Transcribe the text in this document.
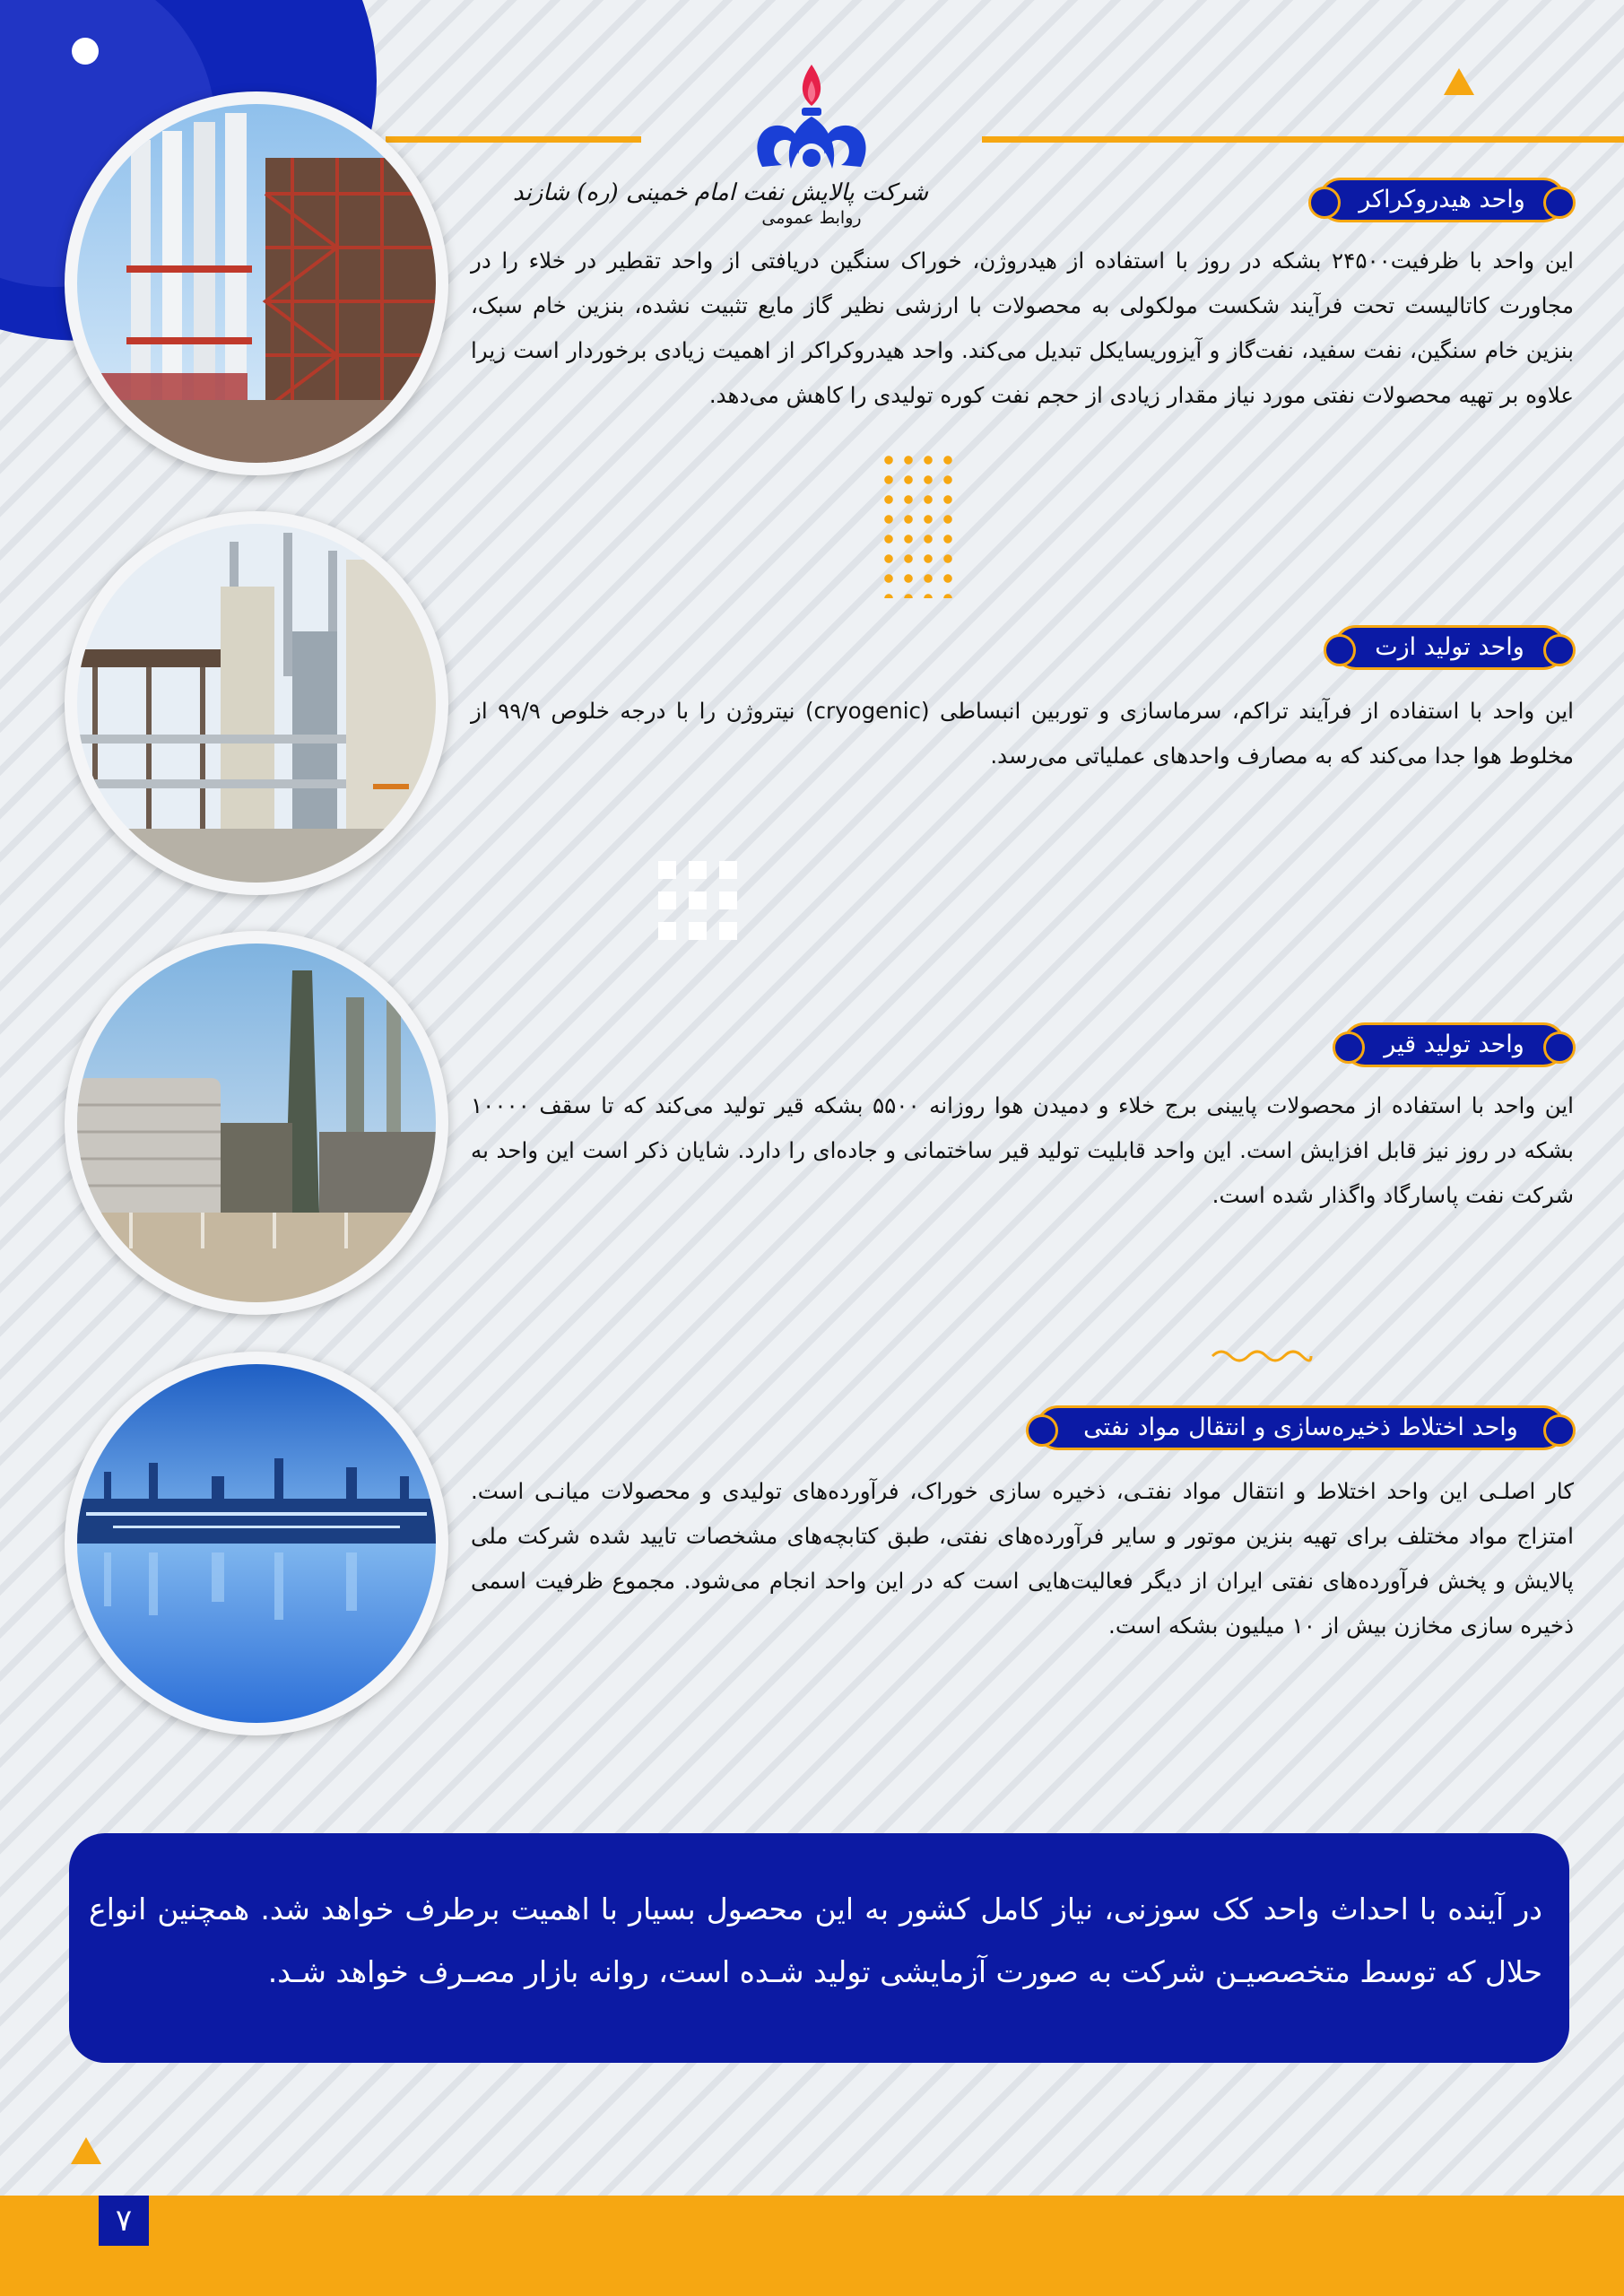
شرکت پالایش نفت امام خمینی (ره) شازند
روابط عمومی
واحد هیدروکراکر
این واحد با ظرفیت۲۴۵۰۰ بشکه در روز با استفاده از هیدروژن، خوراک سنگین دریافتی از واحد تقطیر در خلاء را در مجاورت کاتالیست تحت فرآیند شکست مولکولی به محصولات با ارزشی نظیر گاز مایع تثبیت نشده، بنزین خام سبک، بنزین خام سنگین، نفت سفید، نفت‌گاز و آیزوریسایکل تبدیل می‌کند. واحد هیدروکراکر از اهمیت زیادی برخوردار است زیرا علاوه بر تهیه محصولات نفتی مورد نیاز مقدار زیادی از حجم نفت کوره تولیدی را کاهش می‌دهد.
واحد تولید ازت
این واحد با استفاده از فرآیند تراکم، سرماسازی و توربین انبساطی (cryogenic) نیتروژن را با درجه خلوص ۹۹/۹ از مخلوط هوا جدا می‌کند که به مصارف واحدهای عملیاتی می‌رسد.
واحد تولید قیر
این واحد با استفاده از محصولات پایینی برج خلاء و دمیدن هوا روزانه ۵۵۰۰ بشکه قیر تولید می‌کند که تا سقف ۱۰۰۰۰ بشکه در روز نیز قابل افزایش است. این واحد قابلیت تولید قیر ساختمانی و جاده‌ای را دارد. شایان ذکر است این واحد به شرکت نفت پاسارگاد واگذار شده است.
واحد اختلاط ذخیره‌سازی و انتقال مواد نفتی
کار اصلـی این واحد اختلاط و انتقال مواد نفتـی، ذخیره سازی خوراک، فرآورده‌های تولیدی و محصولات میانـی است. امتزاج مواد مختلف برای تهیه بنزین موتور و سایر فرآورده‌های نفتی، طبق کتابچه‌های مشخصات تایید شده شرکت ملی پالایش و پخش فرآورده‌های نفتی ایران از دیگر فعالیت‌هایی است که در این واحد انجام می‌شود. مجموع ظرفیت اسمی ذخیره سازی مخازن بیش از ۱۰ میلیون بشکه است.
در آینده با احداث واحد کک سوزنی، نیاز کامل کشور به این محصول بسیار با اهمیت برطرف خواهد شد. همچنین انواع حلال که توسط متخصصیـن شرکت به صورت آزمایشی تولید شـده است، روانه بازار مصـرف خواهد شـد.
۷
